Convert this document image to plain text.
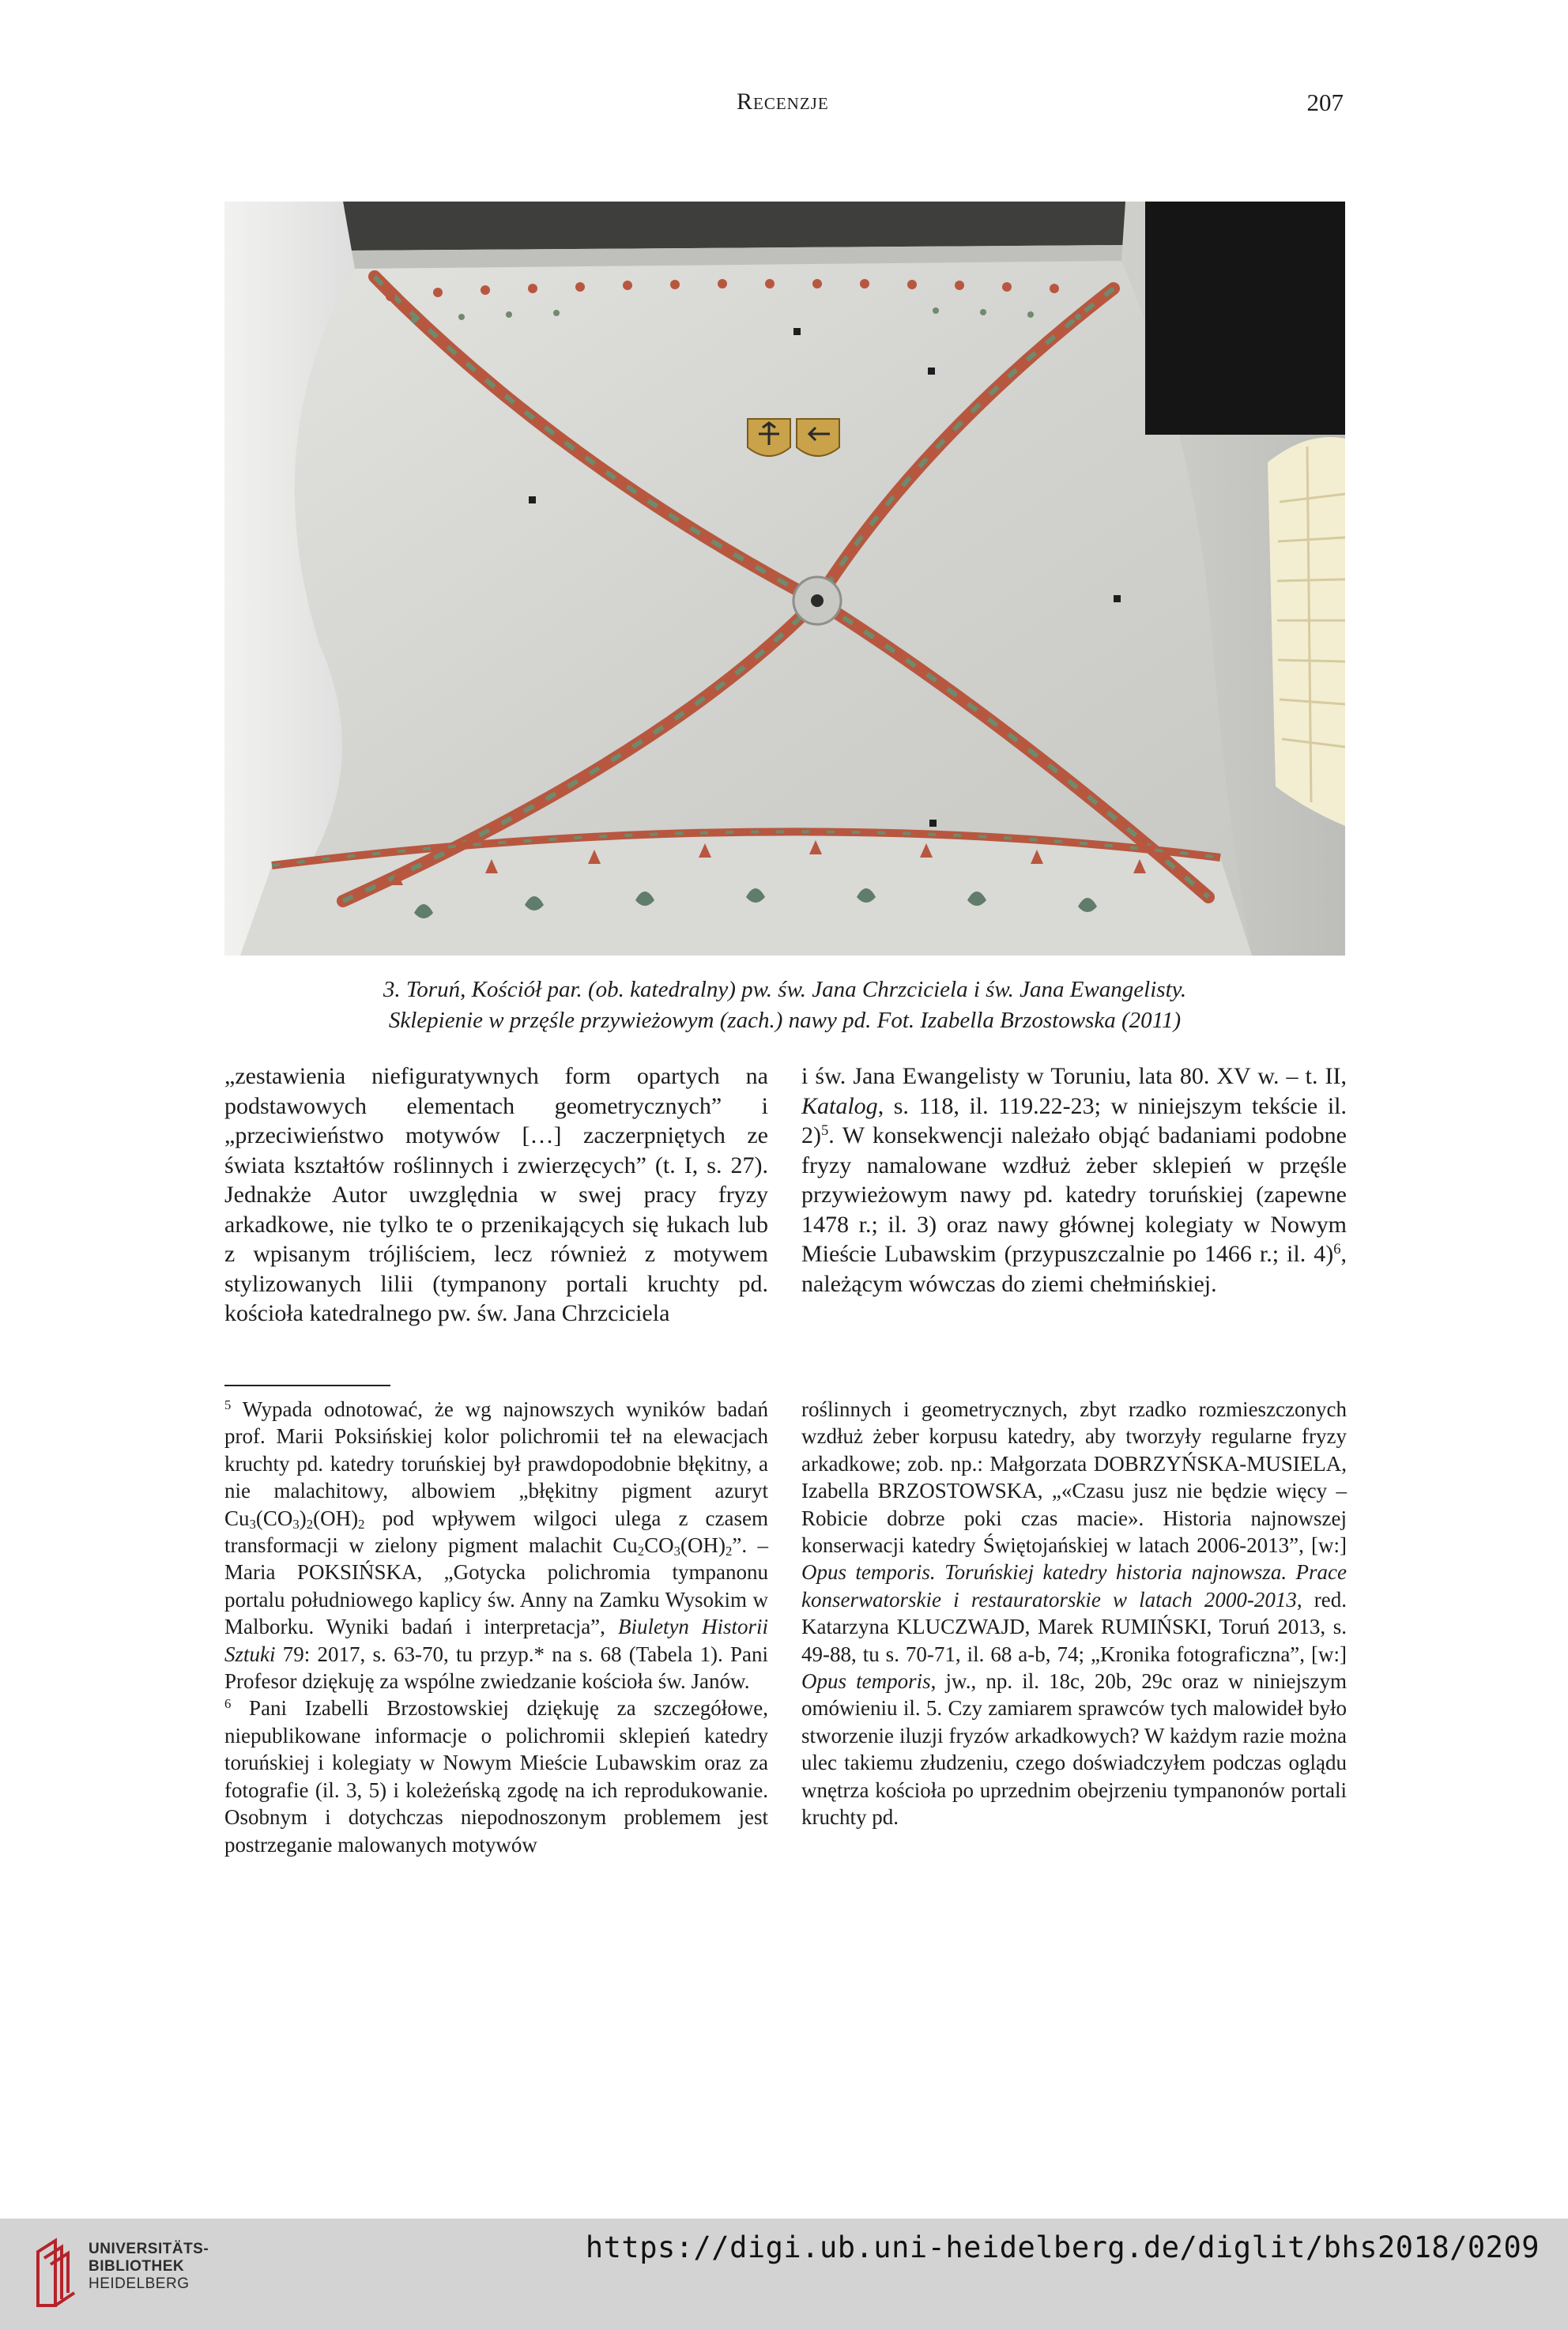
Recenzje	207
3. Toruń, Kościół par. (ob. katedralny) pw. św. Jana Chrzciciela i św. Jana Ewangelisty.
Sklepienie w przęśle przywieżowym (zach.) nawy pd. Fot. Izabella Brzostowska (2011)

„zestawienia niefiguratywnych form opartych na podstawowych elementach geometrycznych” i „przeciwieństwo motywów […] zaczerpniętych ze świata kształtów roślinnych i zwierzęcych” (t. I, s. 27). Jednakże Autor uwzględnia w swej pracy fryzy arkadkowe, nie tylko te o przenikających się łukach lub z wpisanym trójliściem, lecz również z motywem stylizowanych lilii (tympanony portali kruchty pd. kościoła katedralnego pw. św. Jana Chrzciciela

i św. Jana Ewangelisty w Toruniu, lata 80. XV w. – t. II, Katalog, s. 118, il. 119.22-23; w niniejszym tekście il. 2)$^5$. W konsekwencji należało objąć badaniami podobne fryzy namalowane wzdłuż żeber sklepień w przęśle przywieżowym nawy pd. katedry toruńskiej (zapewne 1478 r.; il. 3) oraz nawy głównej kolegiaty w Nowym Mieście Lubawskim (przypuszczalnie po 1466 r.; il. 4)$^6$, należącym wówczas do ziemi chełmińskiej.

$^5$ Wypada odnotować, że wg najnowszych wyników badań prof. Marii Poksińskiej kolor polichromii teł na elewacjach kruchty pd. katedry toruńskiej był prawdopodobnie błękitny, a nie malachitowy, albowiem „błękitny pigment azuryt $Cu_3(CO_3)_2(OH)_2$ pod wpływem wilgoci ulega z czasem transformacji w zielony pigment malachit $Cu_2CO_3(OH)_2$”. – Maria POKSIŃSKA, „Gotycka polichromia tympanonu portalu południowego kaplicy św. Anny na Zamku Wysokim w Malborku. Wyniki badań i interpretacja”, Biuletyn Historii Sztuki 79: 2017, s. 63-70, tu przyp.* na s. 68 (Tabela 1). Pani Profesor dziękuję za wspólne zwiedzanie kościoła św. Janów.

$^6$ Pani Izabelli Brzostowskiej dziękuję za szczegółowe, niepublikowane informacje o polichromii sklepień katedry toruńskiej i kolegiaty w Nowym Mieście Lubawskim oraz za fotografie (il. 3, 5) i koleżeńską zgodę na ich reprodukowanie. Osobnym i dotychczas niepodnoszonym problemem jest postrzeganie malowanych motywów

roślinnych i geometrycznych, zbyt rzadko rozmieszczonych wzdłuż żeber korpusu katedry, aby tworzyły regularne fryzy arkadkowe; zob. np.: Małgorzata DOBRZYŃSKA-MUSIELA, Izabella BRZOSTOWSKA, „«Czasu jusz nie będzie więcy – Robicie dobrze poki czas macie». Historia najnowszej konserwacji katedry Świętojańskiej w latach 2006-2013”, [w:] Opus temporis. Toruńskiej katedry historia najnowsza. Prace konserwatorskie i restauratorskie w latach 2000-2013, red. Katarzyna KLUCZWAJD, Marek RUMIŃSKI, Toruń 2013, s. 49-88, tu s. 70-71, il. 68 a-b, 74; „Kronika fotograficzna”, [w:] Opus temporis, jw., np. il. 18c, 20b, 29c oraz w niniejszym omówieniu il. 5. Czy zamiarem sprawców tych malowideł było stworzenie iluzji fryzów arkadkowych? W każdym razie można ulec takiemu złudzeniu, czego doświadczyłem podczas oglądu wnętrza kościoła po uprzednim obejrzeniu tympanonów portali kruchty pd.

UNIVERSITÄTS-
BIBLIOTHEK
HEIDELBERG
https://digi.ub.uni-heidelberg.de/diglit/bhs2018/0209
